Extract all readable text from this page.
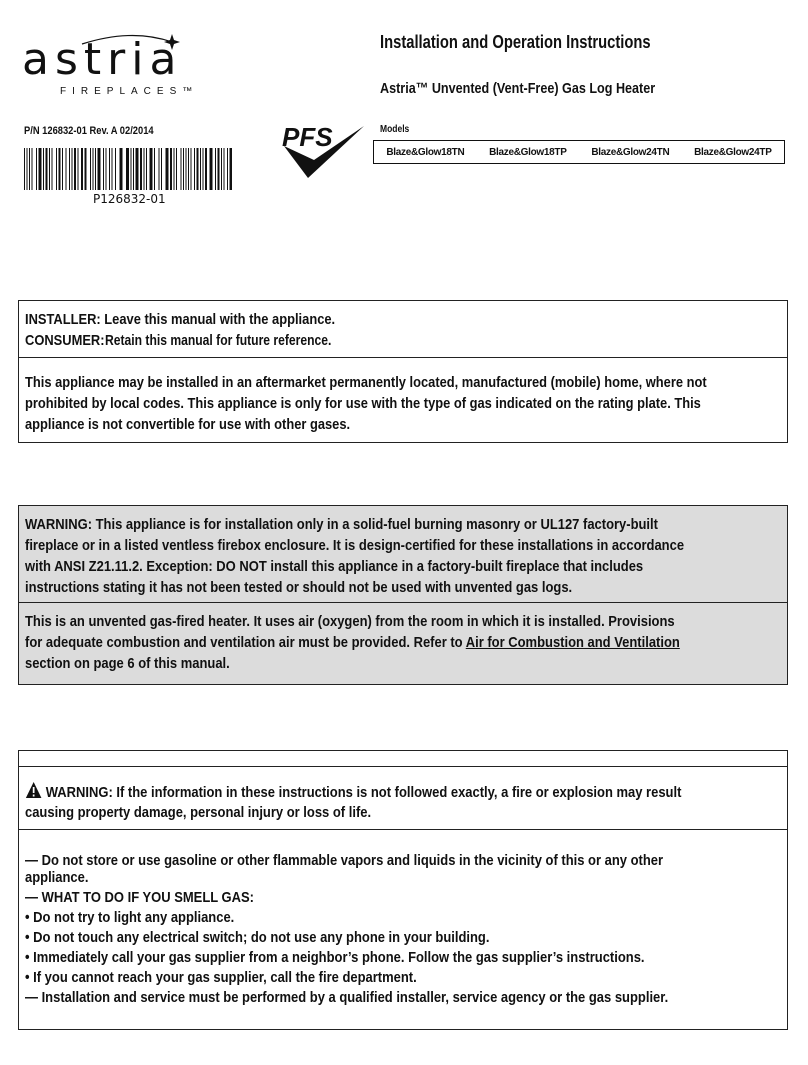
astria
FIREPLACES™
P/N 126832-01 Rev. A 02/2014
P126832-01
PFS
Installation and Operation Instructions
Astria™ Unvented (Vent-Free) Gas Log Heater
Models
Blaze&Glow18TN Blaze&Glow18TP Blaze&Glow24TN Blaze&Glow24TP
INSTALLER: Leave this manual with the appliance.
CONSUMER:Retain this manual for future reference.
This appliance may be installed in an aftermarket permanently located, manufactured (mobile) home, where not
prohibited by local codes. This appliance is only for use with the type of gas indicated on the rating plate. This
appliance is not convertible for use with other gases.
WARNING: This appliance is for installation only in a solid-fuel burning masonry or UL127 factory-built
fireplace or in a listed ventless firebox enclosure. It is design-certified for these installations in accordance
with ANSI Z21.11.2. Exception: DO NOT install this appliance in a factory-built fireplace that includes
instructions stating it has not been tested or should not be used with unvented gas logs.
This is an unvented gas-fired heater. It uses air (oxygen) from the room in which it is installed. Provisions
for adequate combustion and ventilation air must be provided. Refer to Air for Combustion and Ventilation
section on page 6 of this manual.
WARNING: If the information in these instructions is not followed exactly, a fire or explosion may result
causing property damage, personal injury or loss of life.
— Do not store or use gasoline or other flammable vapors and liquids in the vicinity of this or any other
appliance.
— WHAT TO DO IF YOU SMELL GAS:
• Do not try to light any appliance.
• Do not touch any electrical switch; do not use any phone in your building.
• Immediately call your gas supplier from a neighbor’s phone. Follow the gas supplier’s instructions.
• If you cannot reach your gas supplier, call the fire department.
— Installation and service must be performed by a qualified installer, service agency or the gas supplier.
